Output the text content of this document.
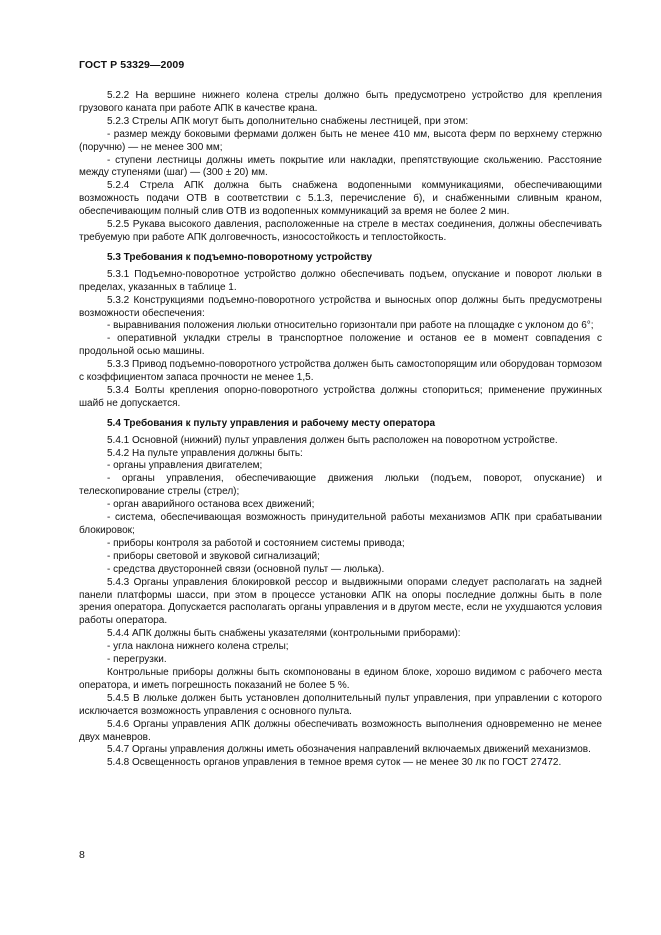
ГОСТ Р 53329—2009

5.2.2 На вершине нижнего колена стрелы должно быть предусмотрено устройство для крепления грузового каната при работе АПК в качестве крана.

5.2.3 Стрелы АПК могут быть дополнительно снабжены лестницей, при этом:

- размер между боковыми фермами должен быть не менее 410 мм, высота ферм по верхнему стержню (поручню) — не менее 300 мм;

- ступени лестницы должны иметь покрытие или накладки, препятствующие скольжению. Расстояние между ступенями (шаг) — (300 ± 20) мм.

5.2.4 Стрела АПК должна быть снабжена водопенными коммуникациями, обеспечивающими возможность подачи ОТВ в соответствии с 5.1.3, перечисление б), и снабженными сливным краном, обеспечивающим полный слив ОТВ из водопенных коммуникаций за время не более 2 мин.

5.2.5 Рукава высокого давления, расположенные на стреле в местах соединения, должны обеспечивать требуемую при работе АПК долговечность, износостойкость и теплостойкость.

5.3 Требования к подъемно-поворотному устройству

5.3.1 Подъемно-поворотное устройство должно обеспечивать подъем, опускание и поворот люльки в пределах, указанных в таблице 1.

5.3.2 Конструкциями подъемно-поворотного устройства и выносных опор должны быть предусмотрены возможности обеспечения:

- выравнивания положения люльки относительно горизонтали при работе на площадке с уклоном до 6°;

- оперативной укладки стрелы в транспортное положение и останов ее в момент совпадения с продольной осью машины.

5.3.3 Привод подъемно-поворотного устройства должен быть самостопорящим или оборудован тормозом с коэффициентом запаса прочности не менее 1,5.

5.3.4 Болты крепления опорно-поворотного устройства должны стопориться; применение пружинных шайб не допускается.

5.4 Требования к пульту управления и рабочему месту оператора

5.4.1 Основной (нижний) пульт управления должен быть расположен на поворотном устройстве.

5.4.2 На пульте управления должны быть:

- органы управления двигателем;

- органы управления, обеспечивающие движения люльки (подъем, поворот, опускание) и телескопирование стрелы (стрел);

- орган аварийного останова всех движений;

- система, обеспечивающая возможность принудительной работы механизмов АПК при срабатывании блокировок;

- приборы контроля за работой и состоянием системы привода;

- приборы световой и звуковой сигнализаций;

- средства двусторонней связи (основной пульт — люлька).

5.4.3 Органы управления блокировкой рессор и выдвижными опорами следует располагать на задней панели платформы шасси, при этом в процессе установки АПК на опоры последние должны быть в поле зрения оператора. Допускается располагать органы управления и в другом месте, если не ухудшаются условия работы оператора.

5.4.4 АПК должны быть снабжены указателями (контрольными приборами):

- угла наклона нижнего колена стрелы;

- перегрузки.

Контрольные приборы должны быть скомпонованы в едином блоке, хорошо видимом с рабочего места оператора, и иметь погрешность показаний не более 5 %.

5.4.5 В люльке должен быть установлен дополнительный пульт управления, при управлении с которого исключается возможность управления с основного пульта.

5.4.6 Органы управления АПК должны обеспечивать возможность выполнения одновременно не менее двух маневров.

5.4.7 Органы управления должны иметь обозначения направлений включаемых движений механизмов.

5.4.8 Освещенность органов управления в темное время суток — не менее 30 лк по ГОСТ 27472.

8
